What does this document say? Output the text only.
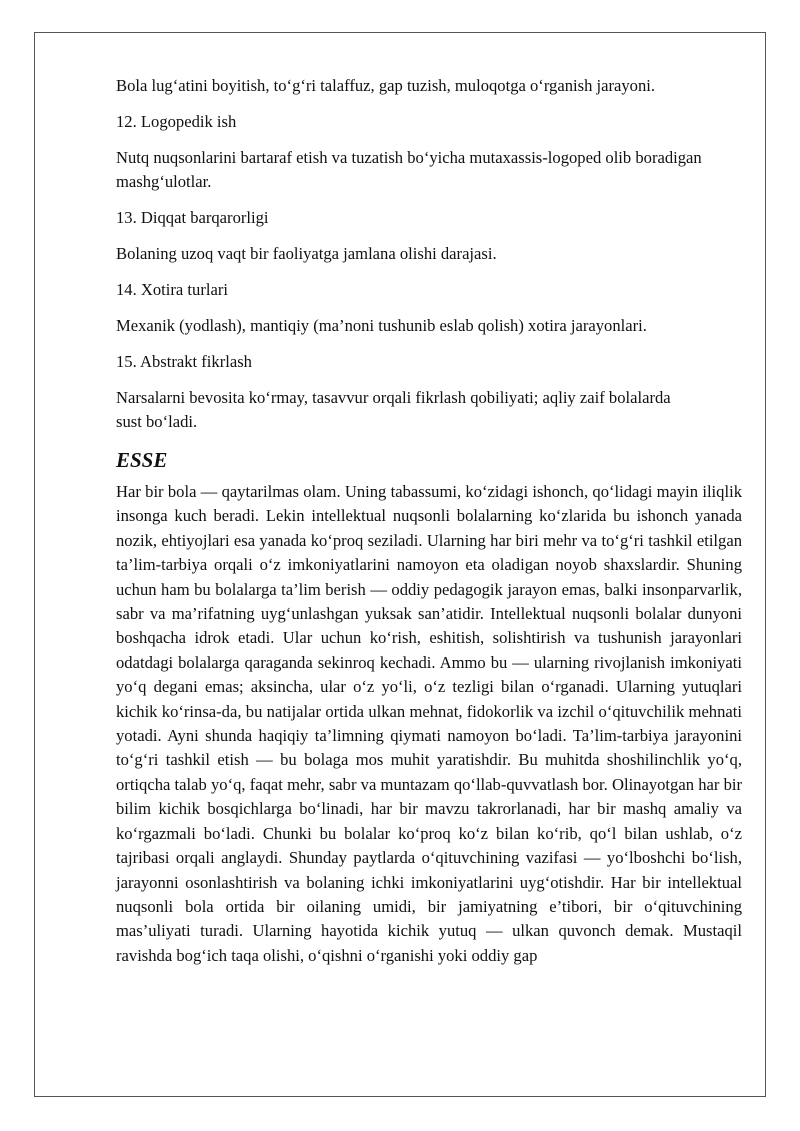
Bola lug‘atini boyitish, to‘g‘ri talaffuz, gap tuzish, muloqotga o‘rganish jarayoni.

12. Logopedik ish

Nutq nuqsonlarini bartaraf etish va tuzatish bo‘yicha mutaxassis-logoped olib boradigan mashg‘ulotlar.

13. Diqqat barqarorligi

Bolaning uzoq vaqt bir faoliyatga jamlana olishi darajasi.

14. Xotira turlari

Mexanik (yodlash), mantiqiy (ma’noni tushunib eslab qolish) xotira jarayonlari.

15. Abstrakt fikrlash

Narsalarni bevosita ko‘rmay, tasavvur orqali fikrlash qobiliyati; aqliy zaif bolalarda sust bo‘ladi.

ESSE

Har bir bola — qaytarilmas olam. Uning tabassumi, ko‘zidagi ishonch, qo‘lidagi mayin iliqlik insonga kuch beradi. Lekin intellektual nuqsonli bolalarning ko‘zlarida bu ishonch yanada nozik, ehtiyojlari esa yanada ko‘proq seziladi. Ularning har biri mehr va to‘g‘ri tashkil etilgan ta’lim-tarbiya orqali o‘z imkoniyatlarini namoyon eta oladigan noyob shaxslardir. Shuning uchun ham bu bolalarga ta’lim berish — oddiy pedagogik jarayon emas, balki insonparvarlik, sabr va ma’rifatning uyg‘unlashgan yuksak san’atidir. Intellektual nuqsonli bolalar dunyoni boshqacha idrok etadi. Ular uchun ko‘rish, eshitish, solishtirish va tushunish jarayonlari odatdagi bolalarga qaraganda sekinroq kechadi. Ammo bu — ularning rivojlanish imkoniyati yo‘q degani emas; aksincha, ular o‘z yo‘li, o‘z tezligi bilan o‘rganadi. Ularning yutuqlari kichik ko‘rinsa-da, bu natijalar ortida ulkan mehnat, fidokorlik va izchil o‘qituvchilik mehnati yotadi. Ayni shunda haqiqiy ta’limning qiymati namoyon bo‘ladi. Ta’lim-tarbiya jarayonini to‘g‘ri tashkil etish — bu bolaga mos muhit yaratishdir. Bu muhitda shoshilinchlik yo‘q, ortiqcha talab yo‘q, faqat mehr, sabr va muntazam qo‘llab-quvvatlash bor. Olinayotgan har bir bilim kichik bosqichlarga bo‘linadi, har bir mavzu takrorlanadi, har bir mashq amaliy va ko‘rgazmali bo‘ladi. Chunki bu bolalar ko‘proq ko‘z bilan ko‘rib, qo‘l bilan ushlab, o‘z tajribasi orqali anglaydi. Shunday paytlarda o‘qituvchining vazifasi — yo‘lboshchi bo‘lish, jarayonni osonlashtirish va bolaning ichki imkoniyatlarini uyg‘otishdir. Har bir intellektual nuqsonli bola ortida bir oilaning umidi, bir jamiyatning e’tibori, bir o‘qituvchining mas’uliyati turadi. Ularning hayotida kichik yutuq — ulkan quvonch demak. Mustaqil ravishda bog‘ich taqa olishi, o‘qishni o‘rganishi yoki oddiy gap
